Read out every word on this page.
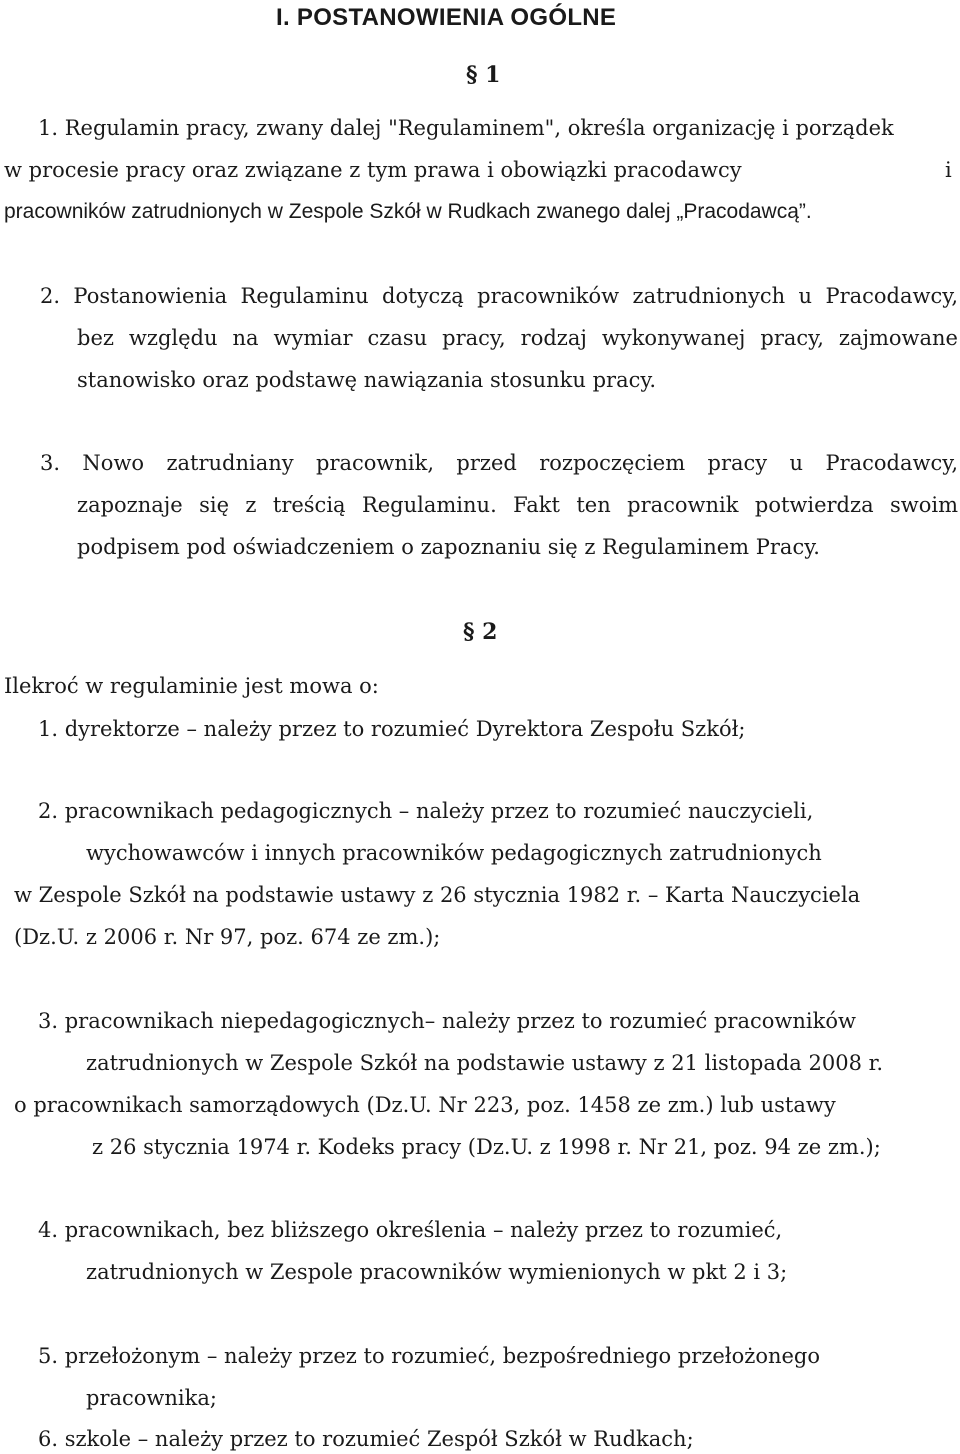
I. POSTANOWIENIA OGÓLNE
§ 1
1. Regulamin pracy, zwany dalej "Regulaminem", określa organizację i porządek
w procesie pracy oraz związane z tym prawa i obowiązki pracodawcy	i
pracowników zatrudnionych w Zespole Szkół w Rudkach zwanego dalej „Pracodawcą”.
2. Postanowienia Regulaminu dotyczą pracowników zatrudnionych u Pracodawcy,
bez względu na wymiar czasu pracy, rodzaj wykonywanej pracy, zajmowane
stanowisko oraz podstawę nawiązania stosunku pracy.
3. Nowo zatrudniany pracownik, przed rozpoczęciem pracy u Pracodawcy,
zapoznaje się z treścią Regulaminu. Fakt ten pracownik potwierdza swoim
podpisem pod oświadczeniem o zapoznaniu się z Regulaminem Pracy.
§ 2
Ilekroć w regulaminie jest mowa o:
1. dyrektorze – należy przez to rozumieć Dyrektora Zespołu Szkół;
2. pracownikach pedagogicznych – należy przez to rozumieć nauczycieli,
wychowawców i innych pracowników pedagogicznych zatrudnionych
w Zespole Szkół na podstawie ustawy z 26 stycznia 1982 r. – Karta Nauczyciela
(Dz.U. z 2006 r. Nr 97, poz. 674 ze zm.);
3. pracownikach niepedagogicznych– należy przez to rozumieć pracowników
zatrudnionych w Zespole Szkół na podstawie ustawy z 21 listopada 2008 r.
o pracownikach samorządowych (Dz.U. Nr 223, poz. 1458 ze zm.) lub ustawy
z 26 stycznia 1974 r. Kodeks pracy (Dz.U. z 1998 r. Nr 21, poz. 94 ze zm.);
4. pracownikach, bez bliższego określenia – należy przez to rozumieć,
zatrudnionych w Zespole pracowników wymienionych w pkt 2 i 3;
5. przełożonym – należy przez to rozumieć, bezpośredniego przełożonego
pracownika;
6. szkole – należy przez to rozumieć Zespół Szkół w Rudkach;
